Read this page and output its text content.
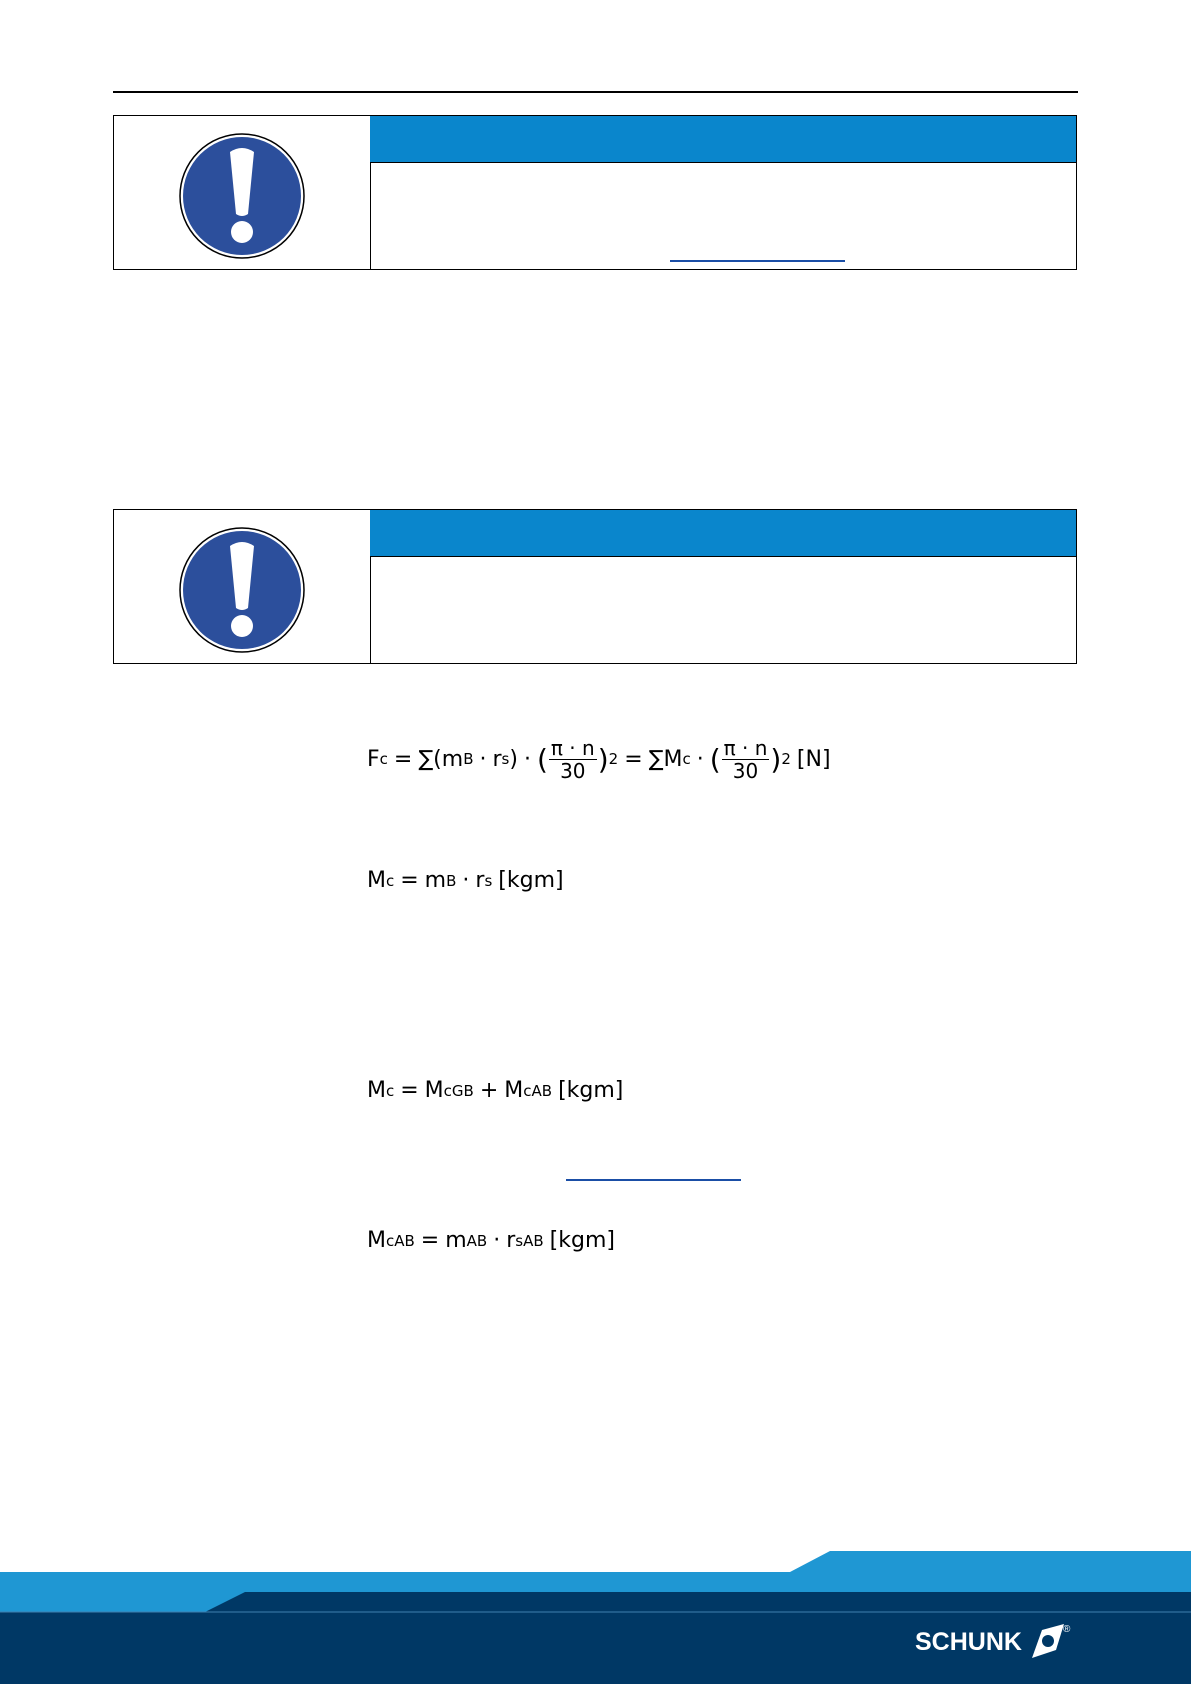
F c = ∑ ( m B · r s ) · ( $\frac{\pi \cdot n}{30}$ ) 2 = ∑ M c · ( $\frac{\pi \cdot n}{30}$ ) 2 [N]
M c = m B · r s [kgm]
M c = M cGB + M cAB [kgm]
M cAB = m AB · r sAB [kgm]
SCHUNK	®
